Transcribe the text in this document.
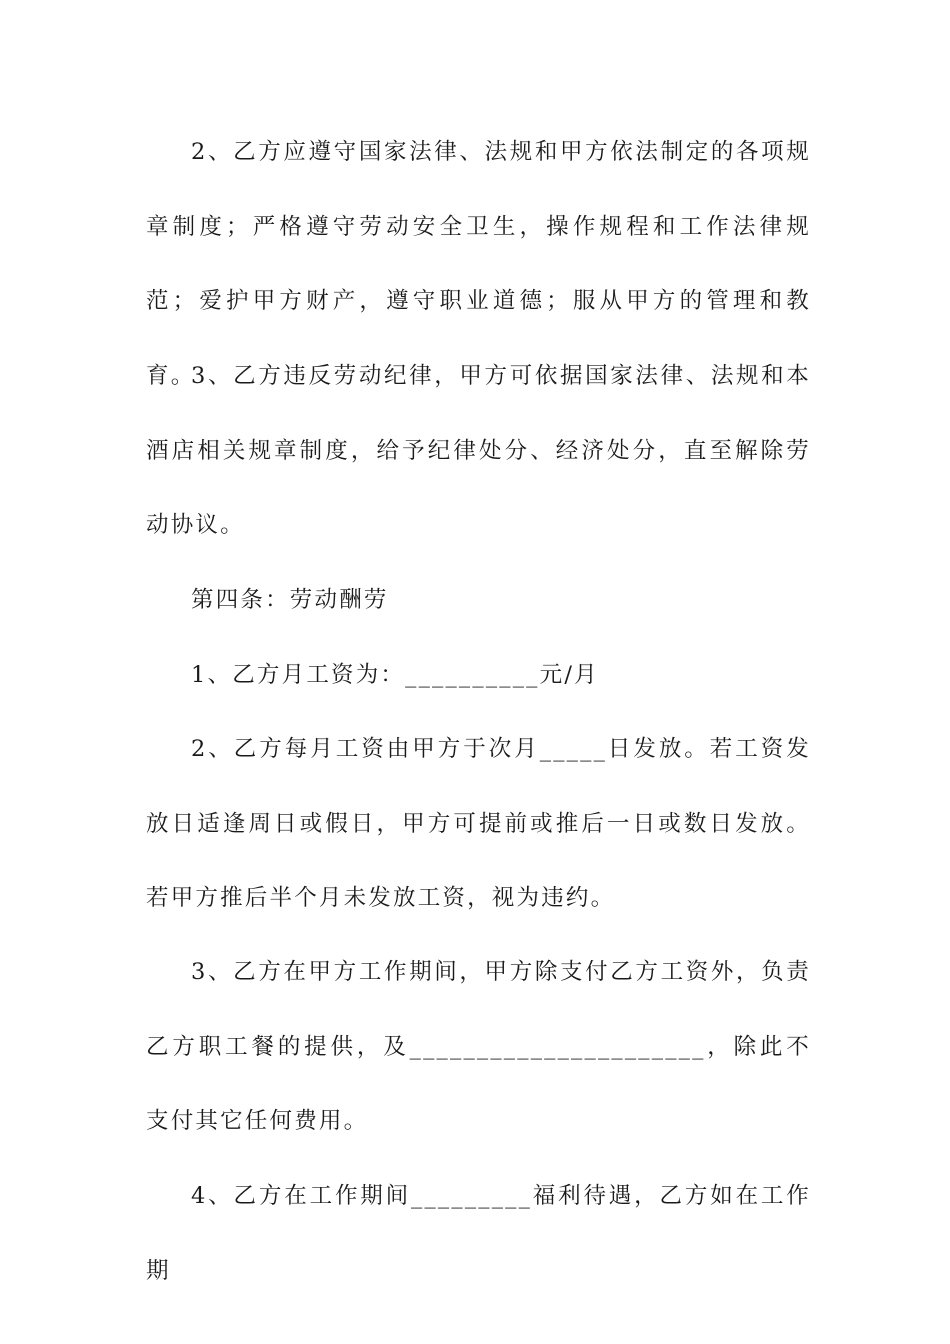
2、乙方应遵守国家法律、法规和甲方依法制定的各项规章制度；严格遵守劳动安全卫生，操作规程和工作法律规范；爱护甲方财产，遵守职业道德；服从甲方的管理和教育。

3、乙方违反劳动纪律，甲方可依据国家法律、法规和本酒店相关规章制度，给予纪律处分、经济处分，直至解除劳动协议。

第四条：劳动酬劳

1、乙方月工资为：__________元/月

2、乙方每月工资由甲方于次月_____日发放。若工资发放日适逢周日或假日，甲方可提前或推后一日或数日发放。若甲方推后半个月未发放工资，视为违约。

3、乙方在甲方工作期间，甲方除支付乙方工资外，负责乙方职工餐的提供，及______________________，除此不支付其它任何费用。

4、乙方在工作期间_________福利待遇，乙方如在工作期
